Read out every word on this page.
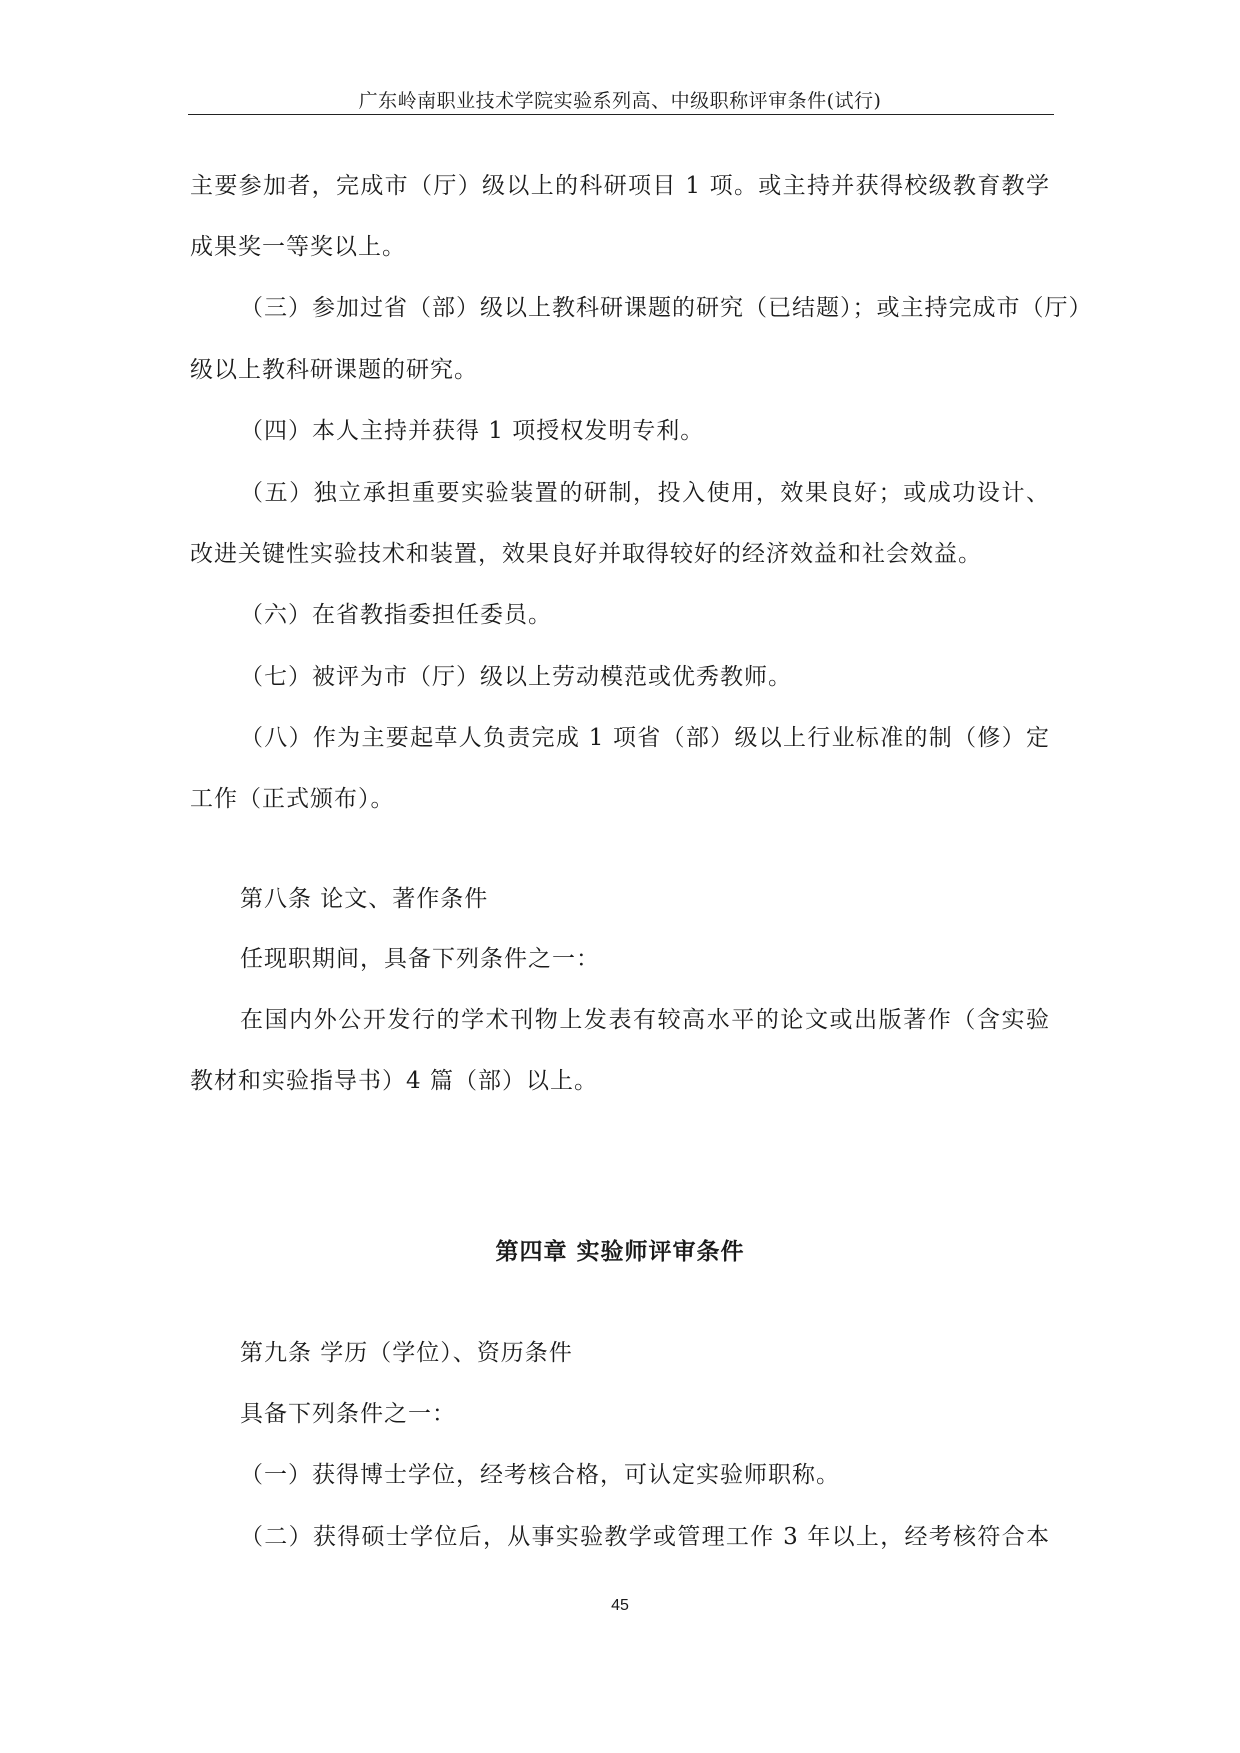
广东岭南职业技术学院实验系列高、中级职称评审条件(试行)
主要参加者，完成市（厅）级以上的科研项目 1 项。或主持并获得校级教育教学
成果奖一等奖以上。
（三）参加过省（部）级以上教科研课题的研究（已结题）；或主持完成市（厅）
级以上教科研课题的研究。
（四）本人主持并获得 1 项授权发明专利。
（五）独立承担重要实验装置的研制，投入使用，效果良好；或成功设计、
改进关键性实验技术和装置，效果良好并取得较好的经济效益和社会效益。
（六）在省教指委担任委员。
（七）被评为市（厅）级以上劳动模范或优秀教师。
（八）作为主要起草人负责完成 1 项省（部）级以上行业标准的制（修）定
工作（正式颁布）。
第八条 论文、著作条件
任现职期间，具备下列条件之一：
在国内外公开发行的学术刊物上发表有较高水平的论文或出版著作（含实验
教材和实验指导书）4 篇（部）以上。
第四章 实验师评审条件
第九条 学历（学位）、资历条件
具备下列条件之一：
（一）获得博士学位，经考核合格，可认定实验师职称。
（二）获得硕士学位后，从事实验教学或管理工作 3 年以上，经考核符合本
45
